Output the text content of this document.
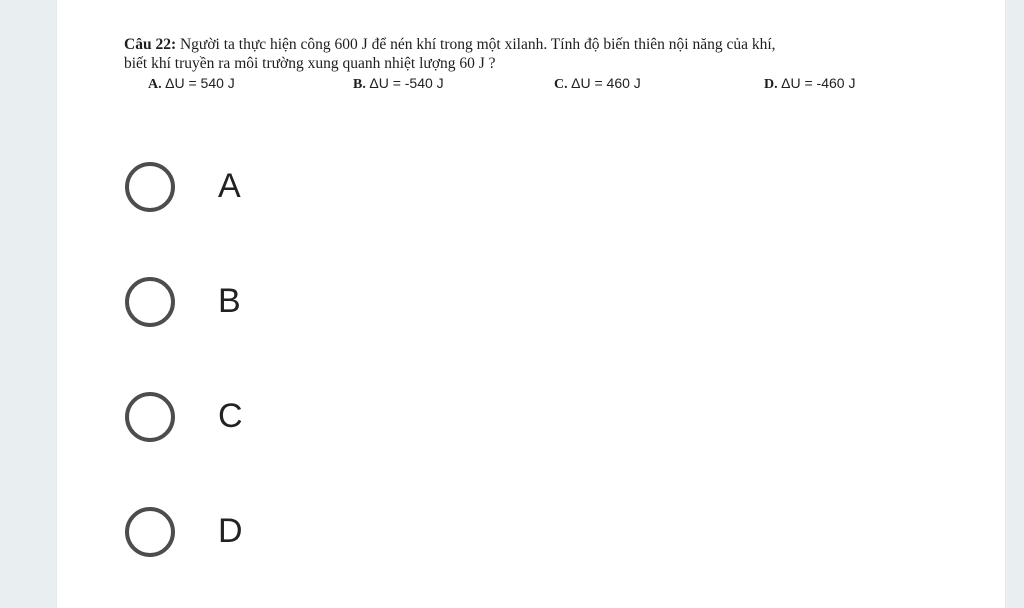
Câu 22: Người ta thực hiện công 600 J để nén khí trong một xilanh. Tính độ biến thiên nội năng của khí,
biết khí truyền ra môi trường xung quanh nhiệt lượng 60 J ?
A. ΔU = 540 J	B. ΔU = -540 J	C. ΔU = 460 J	D. ΔU = -460 J
A
B
C
D
